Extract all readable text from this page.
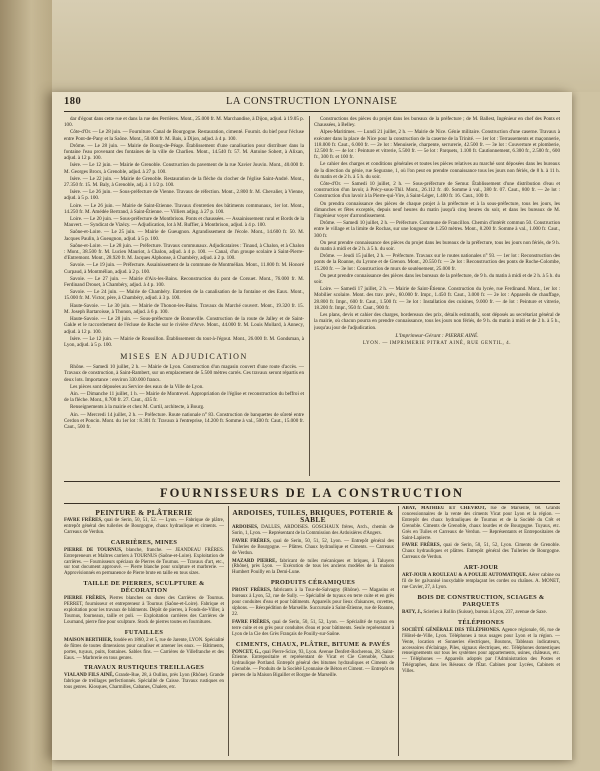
180	LA CONSTRUCTION LYONNAISE

dar d'égout dans cette rue et dans la rue des Perrières. Mont., 25.000 fr. M. Marchandise, à Dijon, adjud. à 19.05 p. 100.

Côte-d'Or. — Le 28 juin. — Fourniture. Canal de Bourgogne. Restauration, cimenté. Fournit. du bief pour l'écluse entre Pont-de-Pany et la Saône. Mont., 50.000 fr. M. Bais, à Dijon, adjud. à 4 p. 100.

Drôme. — Le 28 juin. — Mairie de Bourg-de-Péage. Établissement d'une canalisation pour distribuer dans la fontaine l'eau provenant des fontaines de la ville de Charlieu. Mont., 14.540 fr. 57. M. Antoine Sobert, à Alixan, adjud. à 12 p. 100.

Isère. — Le 12 juin. — Mairie de Grenoble. Construction du pavement de la rue Xavier Jouvin. Mont., 40.000 fr. M. Georges Brocs, à Grenoble, adjud. à 27 p. 100.

Isère. — Le 22 juin. — Mairie de Grenoble. Restauration de la flèche du clocher de l'église Saint-André. Mont., 27.350 fr. 15. M. Baly, à Grenoble, adj. à 1 1/2 p. 100.

Isère. — Le 26 juin. — Sous-préfecture de Vienne. Travaux de réfection. Mont., 2.800 fr. M. Chevalier, à Vienne, adjud. à 5 p. 100.

Loire. — Le 26 juin. — Mairie de Saint-Etienne. Travaux d'entretien des bâtiments communaux, 1er lot. Mont., 14.250 fr. M. Amédée Bertrand, à Saint-Étienne. — Villiers adjug. à 27 p. 100.

Loire. — Le 20 juin. — Sous-préfecture de Montbrison. Ponts et chaussées. — Assainissement rural et Bords de la Mauvert. — Syndicat de Vizézy. — Adjudication, lot à M. Ruffier, à Montbrison, adjud. à 4 p. 100.

Saône-et-Loire. — Le 25 juin. — Mairie de Gueugnon. Agrandissement de l'école. Mont., 14.600 fr. 50. M. Jacques Paulin, à Gueugnon, adjud. à 5 p. 100.

Saône-et-Loire. — Le 28 juin. — Préfecture. Travaux communaux. Adjudicataires : Tinaud, à Chalon, et à Chalon : Mont., 38.500 fr. M. Lucien Mauriot, à Chalon, adjud. à 4 p. 100. — Canal, d'un groupe scolaire à Saint-Pierre-d'Entremont. Mont., 28.920 fr. M. Jacques Alphonse, à Chambéry, adjud. à 2 p. 100.

Savoie. — Le 19 juin. — Préfecture. Assainissement de la commune de Montmélian. Mont., 11.800 fr. M. Honoré Curpaud, à Montmélian, adjud. à 2 p. 100.

Savoie. — Le 27 juin. — Mairie d'Aix-les-Bains. Reconstruction du pont de Corsuet. Mont., 76.000 fr. M. Ferdinand Drouet, à Chambéry, adjud. à 4 p. 100.

Savoie. — Le 24 juin. — Mairie de Chambéry. Entretien de la canalisation de la fontaine et des Eaux. Mont., 15.000 fr. M. Victor, père, à Chambéry, adjud. à 3 p. 100.

Haute-Savoie. — Le 30 juin. — Mairie de Thonon-les-Bains. Travaux du Marché couvert. Mont., 19.320 fr. 15. M. Joseph Bartaroisse, à Thonon, adjud. à 6 p. 100.

Haute-Savoie. — Le 28 juin. — Sous-préfecture de Bonneville. Construction de la route de Jalley et de Saint-Gakle et le raccordement de l'écluse de Roche sur le rivière d'Arve. Mont., 44.000 fr. M. Louis Mollard, à Annecy, adjud. à 12 p. 100.

Isère. — Le 12 juin. — Mairie de Roussillon. Établissement du tout-à-l'égout. Mont., 26.000 fr. M. Gondsman, à Lyon, adjud. à 5 p. 100.

MISES EN ADJUDICATION

Rhône. — Samedi 10 juillet, 2 h. — Mairie de Lyon. Construction d'un magasin couvert d'une route d'accès. — Travaux de construction, à Saint-Rambert, sur un emplacement de 5.500 mètres carrés. Ces travaux seront répartis en deux lots. Importance : environ 330.000 francs.

Les pièces sont déposées au Service des eaux de la Ville de Lyon.

Ain. — Dimanche 11 juillet, 1 h. — Mairie de Montrevel. Appropriation de l'église et reconstruction du beffroi et de la flèche. Mont., 8.700 fr. 27. Caut., 435 fr.

Renseignements à la mairie et chez M. Curtil, architecte, à Bourg.

Ain. — Mercredi 14 juillet, 2 h. — Préfecture. Route nationale n° 83. Construction de banquettes de sûreté entre Cerdon et Poncin. Mont. du 1er lot : 8.301 fr. Travaux à l'entreprise, 14.200 fr. Somme à val., 500 fr. Caut., 15.000 fr. Caut., 500 fr.

Constructions des pièces du projet dans les bureaux de la préfecture ; de M. Ballest, Ingénieur en chef des Ponts et Chaussées, à Belley.

Alpes-Maritimes. — Lundi 21 juillet, 2 h. — Mairie de Nice. Génie militaire. Construction d'une caserne. Travaux à exécuter dans la place de Nice pour la construction de la caserne de la Trinité. — 1er lot : Terrassements et maçonnerie, 118.000 fr. Caut., 6.000 fr. — 2e lot : Menuiserie, charpente, serrurerie, 42.500 fr. — 3e lot : Couverture et plomberie, 12.500 fr. — 4e lot : Peinture et vitrerie, 5.500 fr. — 5e lot : Parquets, 1.100 fr. Cautionnement, 6.300 fr., 2.500 fr., 600 fr., 300 fr. et 100 fr.

Le cahier des charges et conditions générales et toutes les pièces relatives au marché sont déposées dans les bureaux de la direction du génie, rue Segurane, 1, où l'on peut en prendre connaissance tous les jours non fériés, de 8 h. à 11 h. du matin et de 2 h. à 5 h. du soir.

Côte-d'Or. — Samedi 10 juillet, 2 h. — Sous-préfecture de Semur. Établissement d'une distribution d'eau et construction d'un lavoir, à Précy-sous-Thil. Mont., 26.112 fr. 40. Somme à val., 380 fr. 07. Caut., 800 fr. — 2e lot : Construction d'un lavoir à la Pierre-qui-Vire, à Saint-Léger, 1.400 fr. 16. Caut., 100 fr.

On prendra connaissance des pièces de chaque projet à la préfecture et à la sous-préfecture, tous les jours, les dimanches et fêtes exceptés, depuis neuf heures du matin jusqu'à cinq heures du soir, et dans les bureaux de M. l'ingénieur voyer d'arrondissement.

Drôme. — Samedi 10 juillet, 2 h. — Préfecture. Commune de Francillon. Chemin d'intérêt commun 50. Construction entre le village et la limite de Rochas, sur une longueur de 1.250 mètres. Mont., 8.200 fr. Somme à val., 1.000 fr. Caut., 300 fr.

On peut prendre connaissance des pièces du projet dans les bureaux de la préfecture, tous les jours non fériés, de 9 h. du matin à midi et de 2 h. à 5 h. du soir.

Drôme. — Jeudi 15 juillet, 2 h. — Préfecture. Travaux sur le routes nationales n° 93. — 1er lot : Reconstruction des ponts de la Roanne, du Lyrone et de Grenon. Mont., 20.550 fr. — 2e lot : Reconstruction des ponts de Roche-Colombe, 15.200 fr. — 3e lot : Construction de murs de soutènement, 25.000 fr.

On peut prendre connaissance des pièces dans les bureaux de la préfecture, de 9 h. du matin à midi et de 2 h. à 5 h. du soir.

Loire. — Samedi 17 juillet, 2 h. — Mairie de Saint-Étienne. Construction du lycée, rue Ferdinand. Mont., 1er lot : Mobilier scolaire. Mont. des trav. prév., 60.000 fr. Impr., 1.450 fr. Caut., 3.000 fr. — 2e lot : Appareils de chauffage, 28.800 fr. Impr., 600 fr. Caut., 1.500 fr. — 3e lot : Installation des cuisines, 9.000 fr. — 4e lot : Peinture et vitrerie, 18.200 fr. Impr., 950 fr. Caut., 900 fr.

Les plans, devis et cahier des charges, bordereaux des prix, détails estimatifs, sont déposés au secrétariat général de la mairie, où chacun pourra en prendre connaissance, tous les jours non fériés, de 9 h. du matin à midi et de 2 h. à 5 h., jusqu'au jour de l'adjudication.

L'Imprimeur-Gérant : PIERRE AINÉ.
LYON. — IMPRIMERIE PITRAT AINÉ, RUE GENTIL, 4.
FOURNISSEURS DE LA CONSTRUCTION
PEINTURE & PLÂTRERIE
FAVRE FRÈRES, quai de Serin, 50, 51, 52. — Lyon. — Fabrique de plâtre, entrepôt général des tuileries de Bourgogne, chaux hydraulique et ciments. — Carreaux de Verdun.
CARRIÈRES, MINES
PIERRE DE TOURNUS, blanche, franche. — JEANDEAU FRÈRES. Entrepreneurs et Maîtres carriers à TOURNUS (Saône-et-Loire). Exploitation de carrières. — Fournisseurs spéciaux de Pierres de Tournus. — Travaux d'art, etc., sur tout document approuvé. — Pierre blanche pour sculpture et marbrerie. — Approvisionnés en permanence de Pierre brute en taille en tous sizes.
TAILLE DE PIERRES, SCULPTURE & DÉCORATION
PIERRE FRÈRES, Pierres blanches ou dures des Carrières de Tournus. PERRET, fournisseur et entrepreneur à Tournus (Saône-et-Loire). Fabrique et exploitation pour les travaux de bâtiments. Dépôt de pierres, à Fonds-de-Viller, à Tournus, fourneaux, taille et poli. — Exploitation carrières des Carrières de Lournand, pierre fine pour sculpture. Stock de pierres toutes en fournitures.
FUTAILLES
MAISON BERTHIER, fondée en 1860, 2 et 5, rue de Jarente, LYON. Spécialité de fûtres de toutes dimensions pour canaliser et amener les eaux. — Bâtiments, portes, tuyaux, puits, fontaines. Sables fins. — Carrières de Villefranche et des Eaux. — Marbrerie en tous genres.
TRAVAUX RUSTIQUES TREILLAGES
VIALAND FILS AINÉ, Grande-Rue, 28, à Oullins, près Lyon (Rhône). Grande fabrique de treillages perfectionnés. Spécialité de Caisse. Travaux rustiques en tous genres. Kiosques, Charmilles, Cabanes, Chalets, etc.
ARDOISES, TUILES, BRIQUES, POTERIE & SABLE
ARDOISES, DALLES, ARDOISES. GOSCHAUX frères, Arch., chemin de Sorin, 1, Lyon. — Représentant de la Commission des Ardoisières d'Angers.
FAVRE FRÈRES, quai de Serin, 50, 51, 52, Lyon. — Entrepôt général des Tuileries de Bourgogne. — Plâtres. Chaux hydraulique et Ciments. — Carreaux de Verdun.
MAZARD PIERRE, fabricant de tuiles mécaniques et briques, à Taluyers (Rhône), près Lyon. — Exécution de tous les anciens modèles de la maison Humbert Pouilly en la Demi-Lune.
PRODUITS CÉRAMIQUES
PROST FRÈRES, fabricants à la Tour-de-Salvagny (Rhône). — Magasins et bureaux à Lyon, 52, rue de Sully. — Spécialité de tuyaux en terre cuite et en grès pour conduites d'eau et pour bâtiments. Appareils pour lieux d'aisances, cuvettes, siphons. — Réexpédition de Marseille. Succursale à Saint-Étienne, rue de Roanne, 22.
FAVRE FRÈRES, quai de Serin, 50, 51, 52, Lyon. — Spécialité de tuyaux en terre cuite et en grès pour conduites d'eau et pour bâtiments. Seule représentant à Lyon de la Cie des Grès Français de Pouilly-sur-Saône.
CIMENTS, CHAUX, PLÂTRE, BITUME & PAVÉS
PONCET, G., quai Pierre-Scize, 93, Lyon. Avenue Denfert-Rochereau, 28, Saint-Étienne. Entrepositaire et représentant de Vicat et Cie Grenoble, Chaux hydraulique Portland. Entrepôt général des bitumes hydrauliques et Ciments de Grenoble. — Produits de la Société Lyonnaise de Béton et Ciment. — Entrepôt en pierres de la Maison Bigailler et Borgne de Marseille.
ABAY, MATHIEU ET CHEVROT, rue de Marseille, 68. Grands concessionnaires de la vente des ciments Vicat pour Lyon et la région. — Entrepôt des chaux hydrauliques de Tournus et de la Société du Crêt et Grenoble. Ciments de Grenoble, chaux lourdes et de Bourgogne. Tuyaux, etc. Grès en Tuiles et Carreaux de Verdun. — Représentants et Entrepositaires de Saint-Lapierre.
FAVRE FRÈRES, quai de Serin, 50, 51, 52, Lyon. Ciments de Grenoble. Chaux hydrauliques et plâtres. Entrepôt général des Tuileries de Bourgogne. Carreaux de Verdun.
ART-JOUR
ART-JOUR A ROULEAU & A POULIE AUTOMATIQUE. Aérer cabine ou fil de fer galvanisé inoxydable remplaçant les cordes ou chaînes. A. MONET, rue Cuvier, 27, à Lyon.
BOIS DE CONSTRUCTION, SCIAGES & PARQUETS
BATY, J., Scieries à Rollin (Suisse), bureau à Lyon, 237, avenue de Saxe.
TÉLÉPHONES
SOCIÉTÉ GÉNÉRALE DES TÉLÉPHONES. Agence régionale, 66, rue de l'Hôtel-de-Ville, Lyon. Téléphones à tous usages pour Lyon et la région. — Vente, location et Sonneries électriques, Boutons, Tableaux indicateurs, accessoires d'éclairage, Piles, signaux électriques, etc. Téléphones domestiques renseignements sur tous les systèmes pour appartements, usines, châteaux, etc. — Téléphones — Appareils adoptés par l'Administration des Postes et Télégraphes, dans les Réseaux de l'État. Cabines pour Lycées, Cabinets et Villes.
